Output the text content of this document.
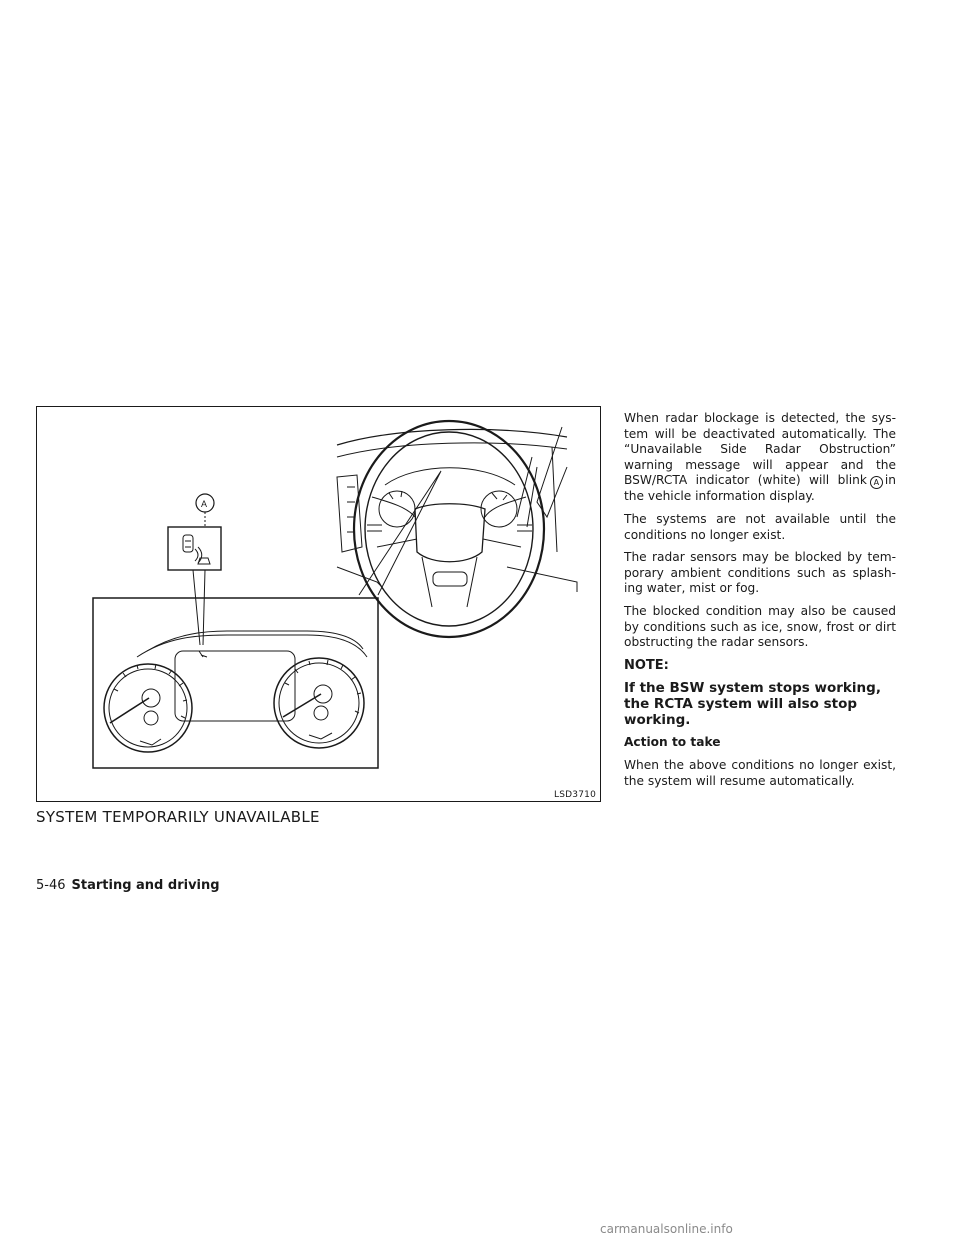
A
LSD3710
SYSTEM TEMPORARILY UNAVAILABLE

When radar blockage is detected, the sys-tem will be deactivated automatically. The “Unavailable Side Radar Obstruction” warning message will appear and the BSW/RCTA indicator (white) will blink A in the vehicle information display.

The systems are not available until the conditions no longer exist.

The radar sensors may be blocked by tem-porary ambient conditions such as splash-ing water, mist or fog.

The blocked condition may also be caused by conditions such as ice, snow, frost or dirt obstructing the radar sensors.

NOTE:

If the BSW system stops working, the RCTA system will also stop working.

Action to take

When the above conditions no longer exist, the system will resume automatically.

5-46 Starting and driving
carmanualsonline.info
